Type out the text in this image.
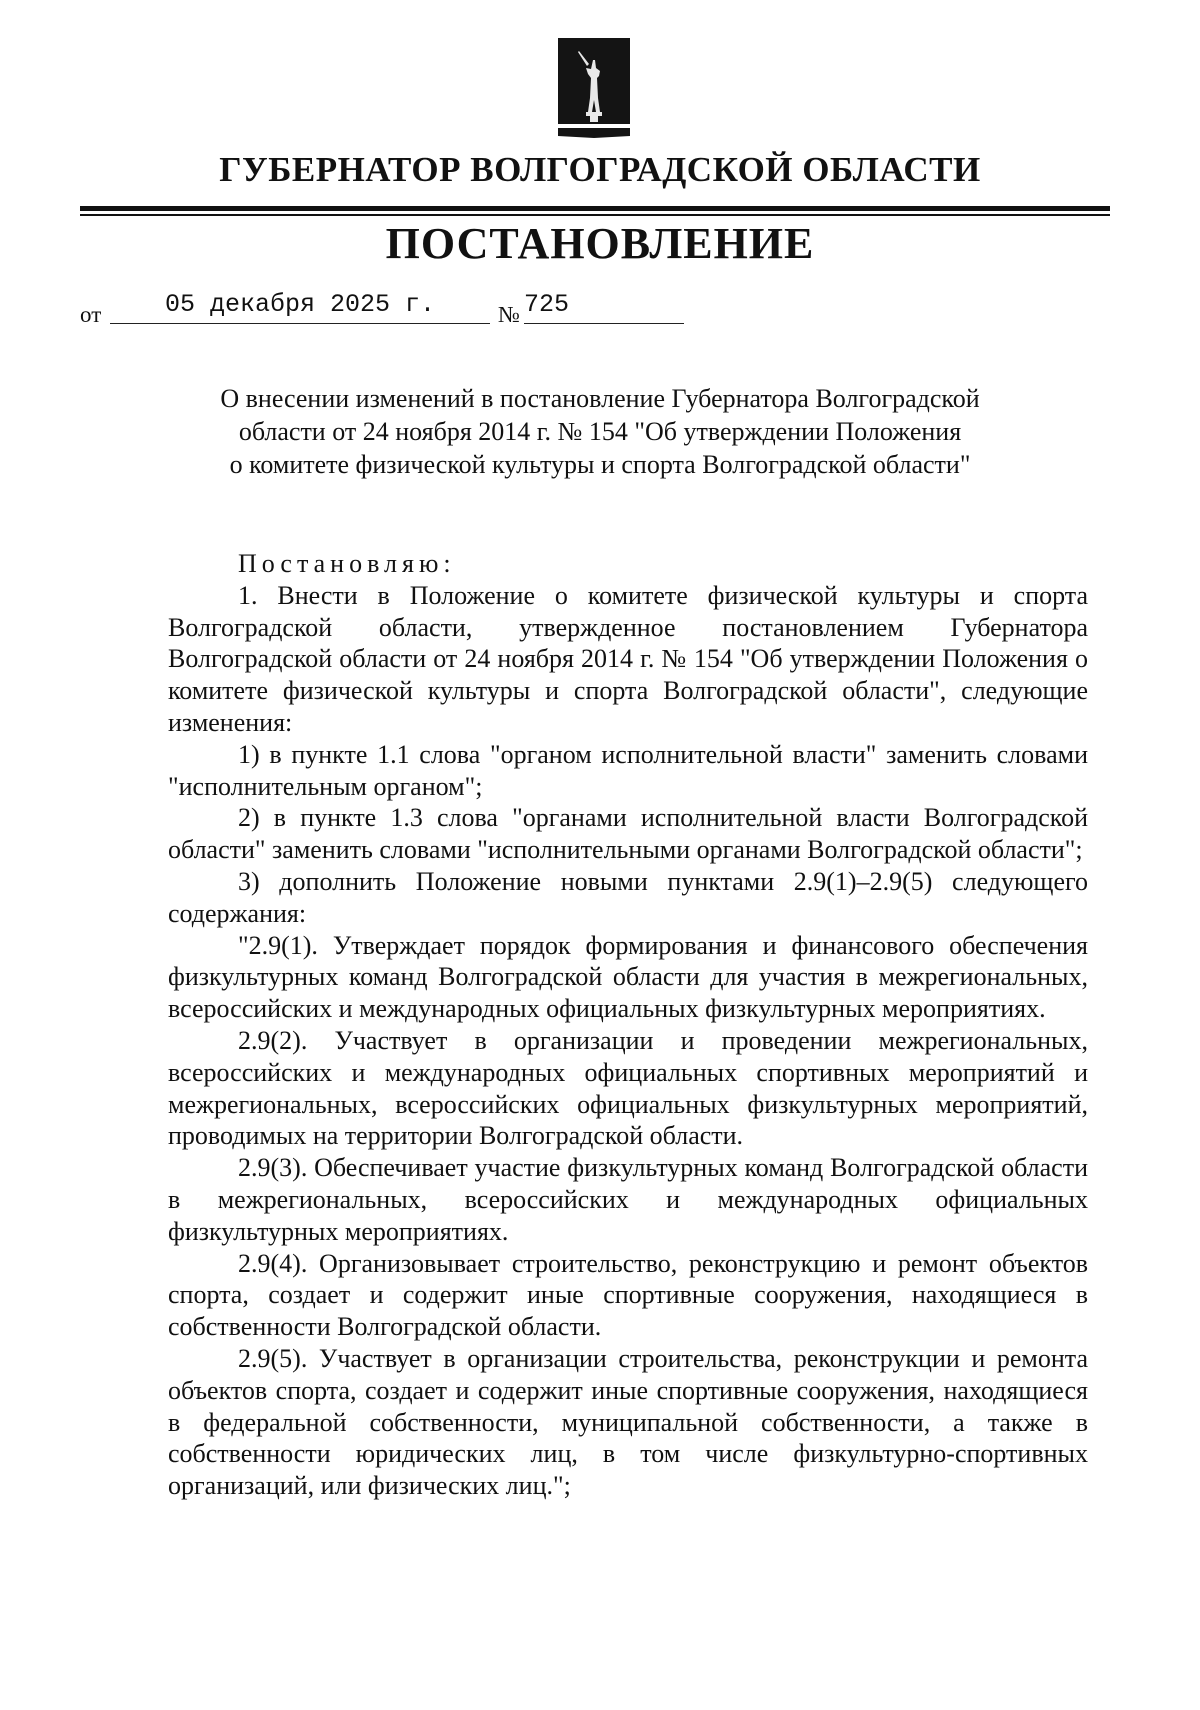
ГУБЕРНАТОР ВОЛГОГРАДСКОЙ ОБЛАСТИ
ПОСТАНОВЛЕНИЕ
от	05 декабря 2025 г.	№ 725
О внесении изменений в постановление Губернатора Волгоградской
области от 24 ноября 2014 г. № 154 "Об утверждении Положения
о комитете физической культуры и спорта Волгоградской области"

Постановляю:

1. Внести в Положение о комитете физической культуры и спорта Волгоградской области, утвержденное постановлением Губернатора Волгоградской области от 24 ноября 2014 г. № 154 "Об утверждении Положения о комитете физической культуры и спорта Волгоградской области", следующие изменения:

1) в пункте 1.1 слова "органом исполнительной власти" заменить словами "исполнительным органом";

2) в пункте 1.3 слова "органами исполнительной власти Волгоградской области" заменить словами "исполнительными органами Волгоградской области";

3) дополнить Положение новыми пунктами 2.9(1)–2.9(5) следующего содержания:

"2.9(1). Утверждает порядок формирования и финансового обеспечения физкультурных команд Волгоградской области для участия в межрегиональных, всероссийских и международных официальных физкультурных мероприятиях.

2.9(2). Участвует в организации и проведении межрегиональных, всероссийских и международных официальных спортивных мероприятий и межрегиональных, всероссийских официальных физкультурных мероприятий, проводимых на территории Волгоградской области.

2.9(3). Обеспечивает участие физкультурных команд Волгоградской области в межрегиональных, всероссийских и международных официальных физкультурных мероприятиях.

2.9(4). Организовывает строительство, реконструкцию и ремонт объектов спорта, создает и содержит иные спортивные сооружения, находящиеся в собственности Волгоградской области.

2.9(5). Участвует в организации строительства, реконструкции и ремонта объектов спорта, создает и содержит иные спортивные сооружения, находящиеся в федеральной собственности, муниципальной собственности, а также в собственности юридических лиц, в том числе физкультурно-спортивных организаций, или физических лиц.";
